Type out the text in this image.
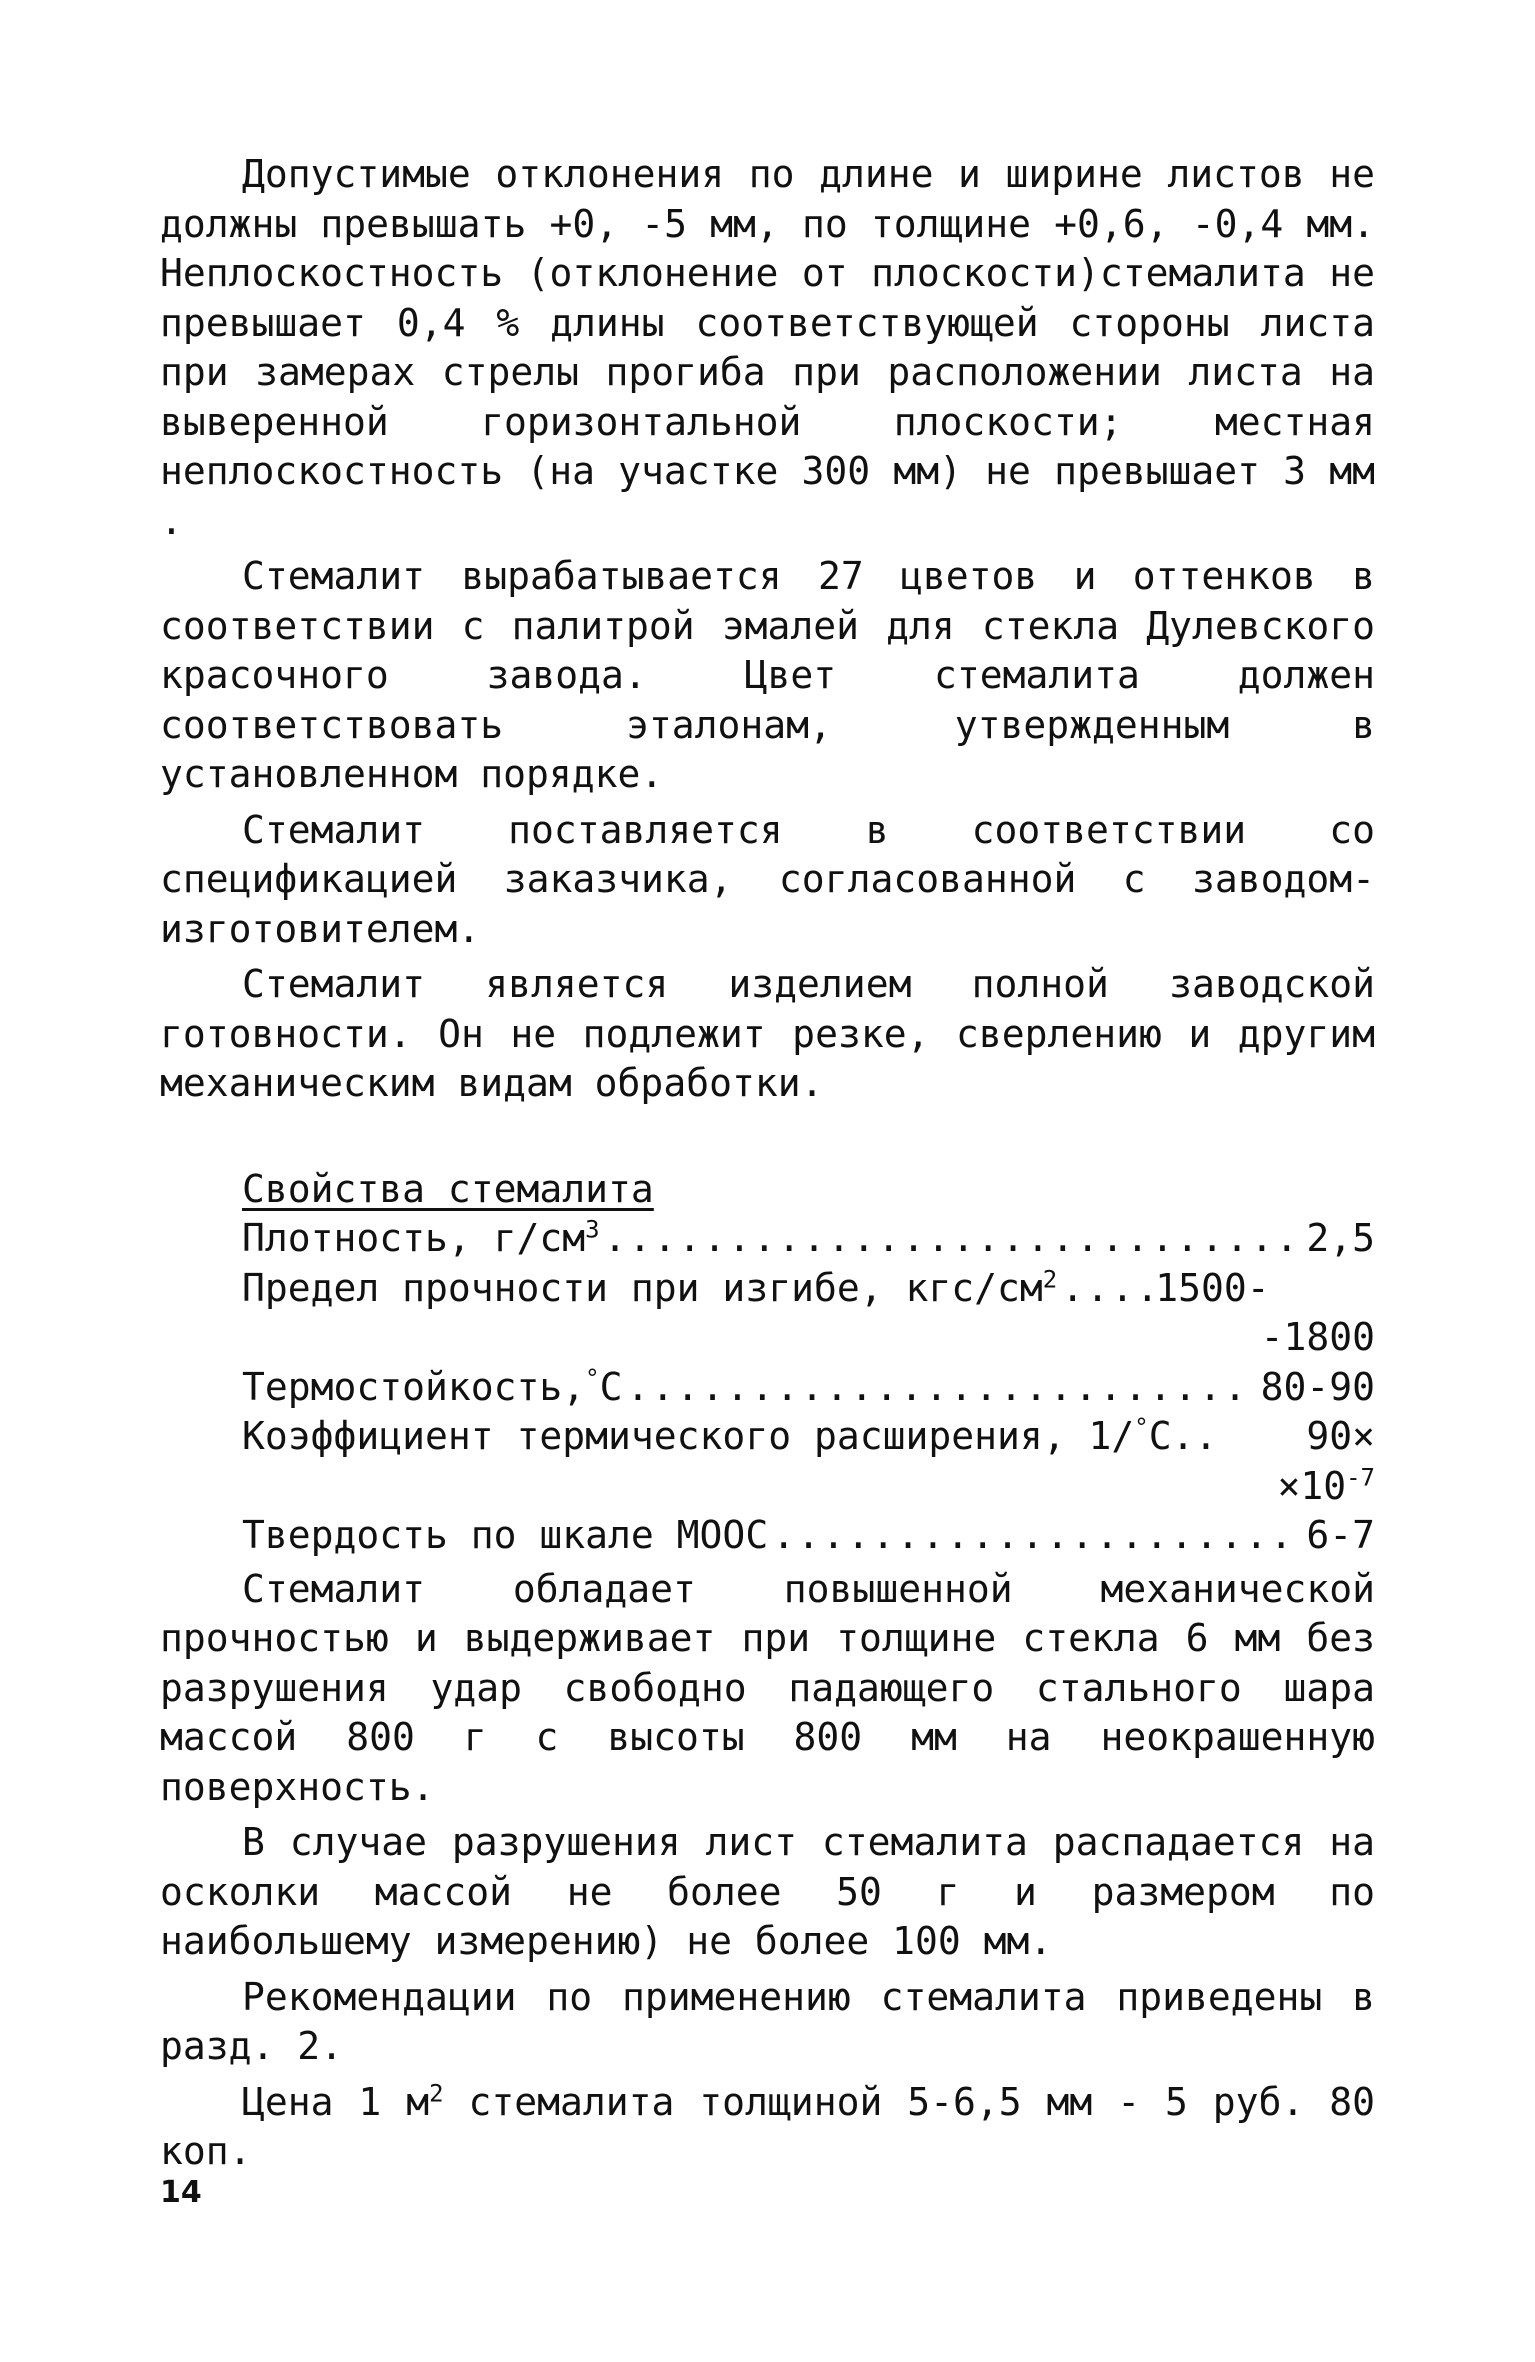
Допустимые отклонения по длине и ширине листов не должны превышать +0, -5 мм, по толщине +0,6, -0,4 мм. Неплоскостность (отклонение от плоскости)стемалита не превышает 0,4 % длины соответствующей стороны листа при замерах стрелы прогиба при расположении листа на выверенной горизонтальной плоскости; местная неплоскостность (на участке 300 мм) не превышает 3 мм .

Стемалит вырабатывается 27 цветов и оттенков в соответствии с палитрой эмалей для стекла Дулевского красочного завода. Цвет стемалита должен соответствовать эталонам, утвержденным в установленном порядке.

Стемалит поставляется в соответствии со спецификацией заказчика, согласованной с заводом-изготовителем.

Стемалит является изделием полной заводской готовности. Он не подлежит резке, сверлению и другим механическим видам обработки.

Свойства стемалита
Плотность, $г/см^3$ .....	2,5
Предел прочности при изгибе, кгс/$см^2$ .....	1500-
-1800
Термостойкость,°С .....	80-90
Коэффициент термического расширения, 1/°С.. 90×
$\times 10^{-7}$
Твердость по шкале МООС .....	6-7

Стемалит обладает повышенной механической прочностью и выдерживает при толщине стекла 6 мм без разрушения удар свободно падающего стального шара массой 800 г с высоты 800 мм на неокрашенную поверхность.

В случае разрушения лист стемалита распадается на осколки массой не более 50 г и размером по наибольшему измерению) не более 100 мм.

Рекомендации по применению стемалита приведены в разд. 2.

Цена 1 $м^2$ стемалита толщиной 5-6,5 мм - 5 руб. 80 коп.

14
